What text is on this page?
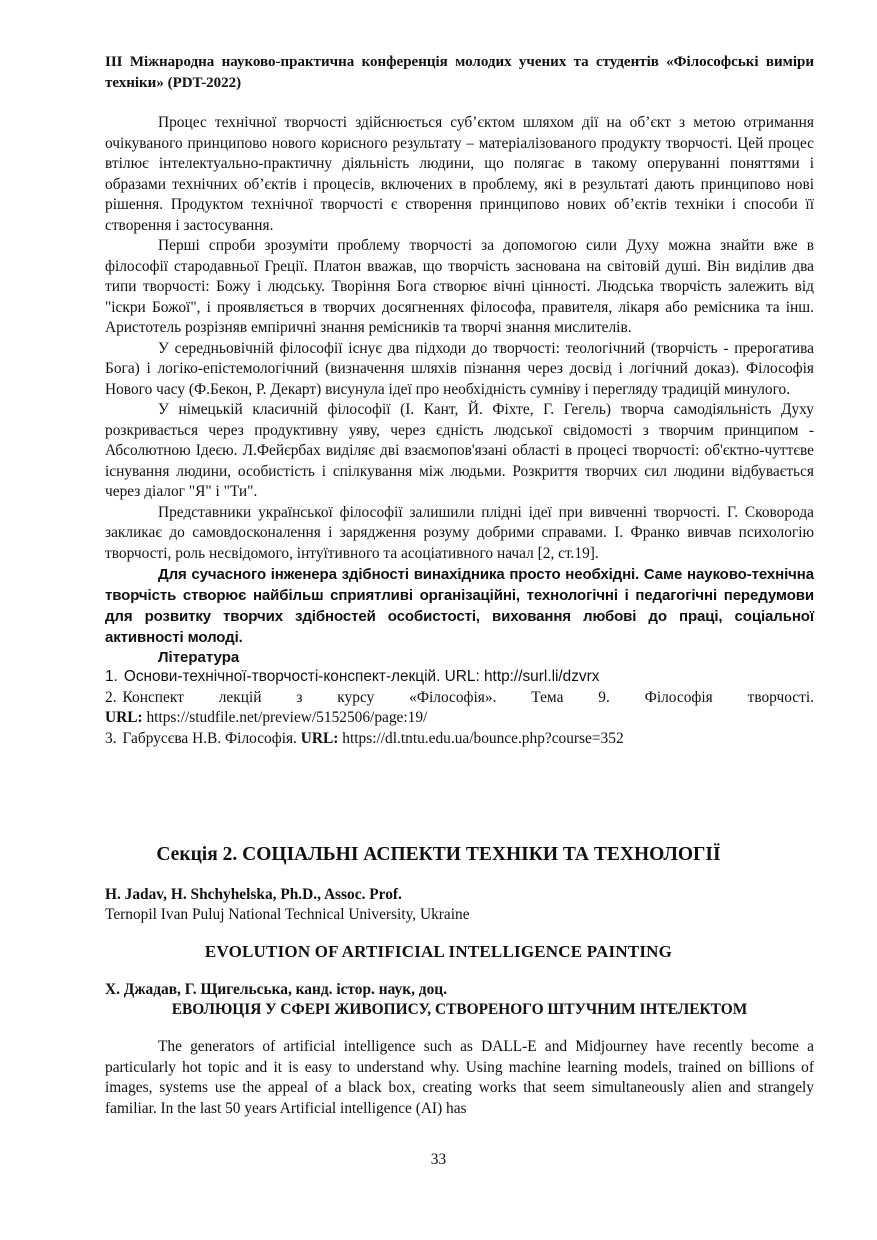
ІІІ Міжнародна науково-практична конференція молодих учених та студентів «Філософські виміри техніки» (PDT-2022)

Процес технічної творчості здійснюється суб’єктом шляхом дії на об’єкт з метою отримання очікуваного принципово нового корисного результату – матеріалізованого продукту творчості. Цей процес втілює інтелектуально-практичну діяльність людини, що полягає в такому оперуванні поняттями і образами технічних об’єктів і процесів, включених в проблему, які в результаті дають принципово нові рішення. Продуктом технічної творчості є створення принципово нових об’єктів техніки і способи її створення і застосування.

Перші спроби зрозуміти проблему творчості за допомогою сили Духу можна знайти вже в філософії стародавньої Греції. Платон вважав, що творчість заснована на світовій душі. Він виділив два типи творчості: Божу і людську. Творіння Бога створює вічні цінності. Людська творчість залежить від "іскри Божої", і проявляється в творчих досягненнях філософа, правителя, лікаря або ремісника та інш. Аристотель розрізняв емпіричні знання ремісників та творчі знання мислителів.

У середньовічній філософії існує два підходи до творчості: теологічний (творчість - прерогатива Бога) і логіко-епістемологічний (визначення шляхів пізнання через досвід і логічний доказ). Філософія Нового часу (Ф.Бекон, Р. Декарт) висунула ідеї про необхідність сумніву і перегляду традицій минулого.

У німецькій класичній філософії (І. Кант, Й. Фіхте, Г. Гегель) творча самодіяльність Духу розкривається через продуктивну уяву, через єдність людської свідомості з творчим принципом - Абсолютною Ідеєю. Л.Фейєрбах виділяє дві взаємопов'язані області в процесі творчості: об'єктно-чуттєве існування людини, особистість і спілкування між людьми. Розкриття творчих сил людини відбувається через діалог "Я" і "Ти".

Представники української філософії залишили плідні ідеї при вивченні творчості. Г. Сковорода закликає до самовдосконалення і зарядження розуму добрими справами. І. Франко вивчав психологію творчості, роль несвідомого, інтуїтивного та асоціативного начал [2, ст.19].

Для сучасного інженера здібності винахідника просто необхідні. Саме науково-технічна творчість створює найбільш сприятливі організаційні, технологічні і педагогічні передумови для розвитку творчих здібностей особистості, виховання любові до праці, соціальної активності молоді.

Література

1. Основи-технічної-творчості-конспект-лекцій. URL: http://surl.li/dzvrx
2. Конспект лекцій з курсу «Філософія». Тема 9. Філософія творчості.
URL: https://studfile.net/preview/5152506/page:19/
3. Габрусєва Н.В. Філософія. URL: https://dl.tntu.edu.ua/bounce.php?course=352

Секція 2. СОЦІАЛЬНІ АСПЕКТИ ТЕХНІКИ ТА ТЕХНОЛОГІЇ

H. Jadav, H. Shchyhelska, Ph.D., Assoc. Prof.

Ternopil Ivan Puluj National Technical University, Ukraine

EVOLUTION OF ARTIFICIAL INTELLIGENCE PAINTING

Х. Джадав, Г. Щигельська, канд. істор. наук, доц.

ЕВОЛЮЦІЯ У СФЕРІ ЖИВОПИСУ, СТВОРЕНОГО ШТУЧНИМ ІНТЕЛЕКТОМ

The generators of artificial intelligence such as DALL-E and Midjourney have recently become a particularly hot topic and it is easy to understand why. Using machine learning models, trained on billions of images, systems use the appeal of a black box, creating works that seem simultaneously alien and strangely familiar. In the last 50 years Artificial intelligence (AI) has

33
